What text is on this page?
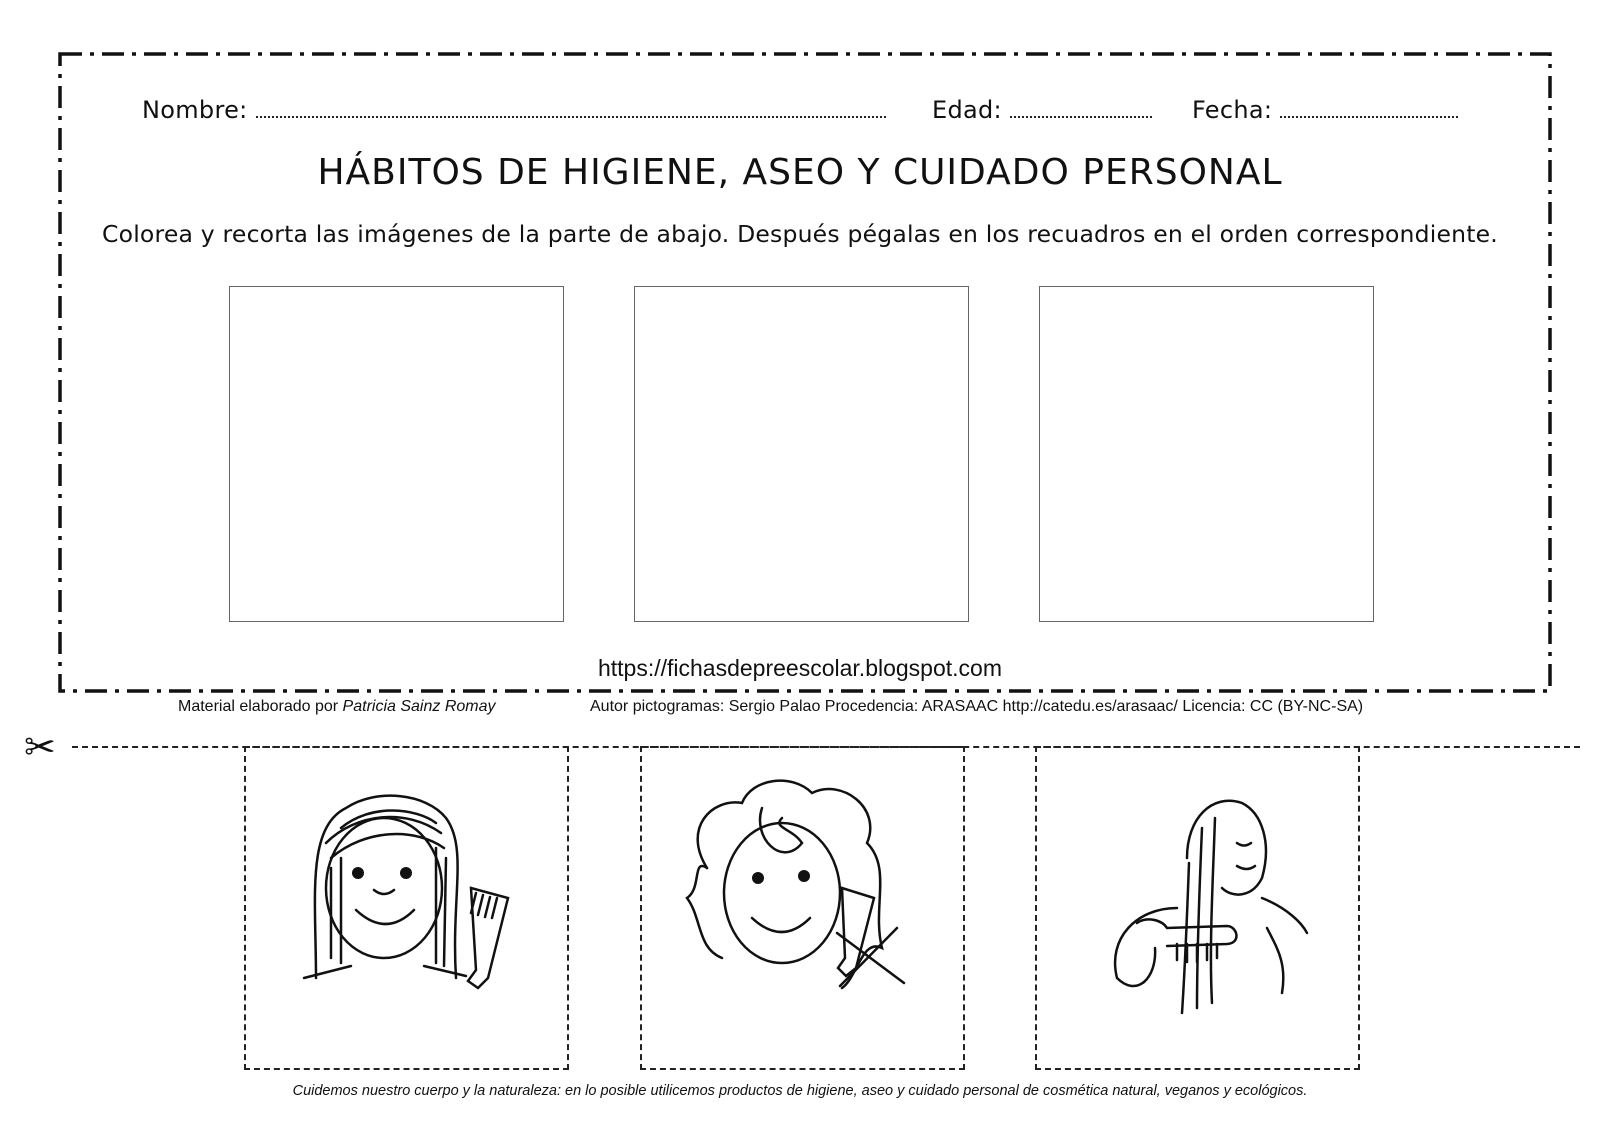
Nombre:	Edad:	Fecha:
HÁBITOS DE HIGIENE, ASEO Y CUIDADO PERSONAL
Colorea y recorta las imágenes de la parte de abajo. Después pégalas en los recuadros en el orden correspondiente.
https://fichasdepreescolar.blogspot.com
Material elaborado por Patricia Sainz Romay	Autor pictogramas: Sergio Palao Procedencia: ARASAAC http://catedu.es/arasaac/ Licencia: CC (BY-NC-SA)
✂
Cuidemos nuestro cuerpo y la naturaleza: en lo posible utilicemos productos de higiene, aseo y cuidado personal de cosmética natural, veganos y ecológicos.
